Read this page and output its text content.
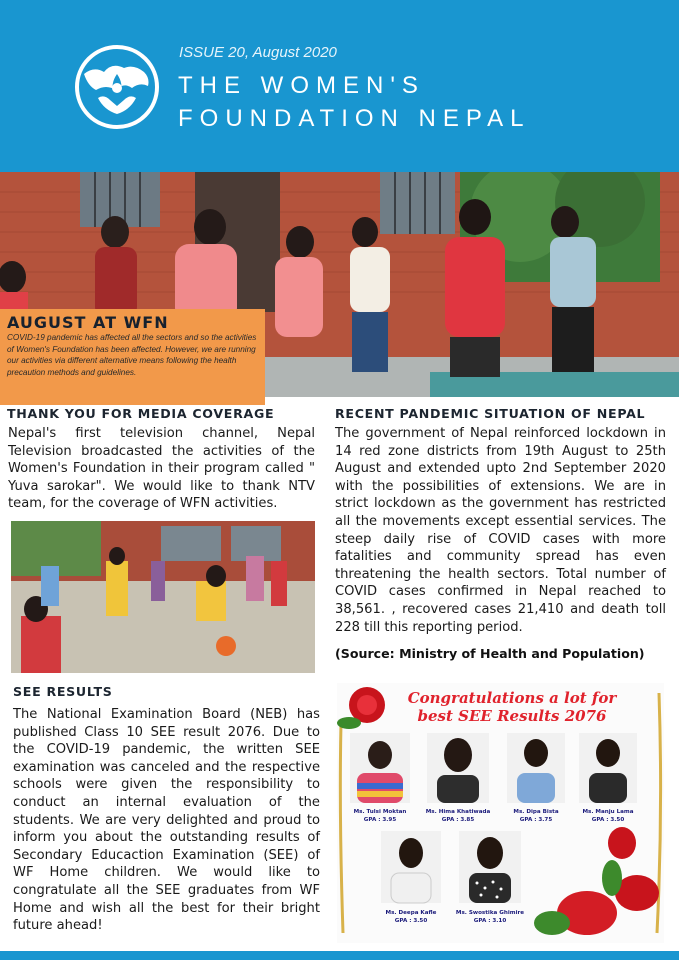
ISSUE 20, August 2020
THE WOMEN'S
FOUNDATION NEPAL
AUGUST AT WFN
COVID-19 pandemic has affected all the sectors and so the activities of Women's Foundation has been affected. However, we are running our activities via different alternative means following the health precaution methods and guidelines.
THANK YOU FOR MEDIA COVERAGE
Nepal's first television channel, Nepal Television broadcasted the activities of the Women's Foundation in their program called " Yuva sarokar". We would like to thank NTV team, for the coverage of WFN activities.
RECENT PANDEMIC SITUATION OF NEPAL
The government of Nepal reinforced lockdown in 14 red zone districts from 19th August to 25th August and extended upto 2nd September 2020 with the possibilities of extensions. We are in strict lockdown as the government has restricted all the movements except essential services. The steep daily rise of COVID cases with more fatalities and community spread has even threatening the health sectors. Total number of COVID cases confirmed in Nepal reached to 38,561. , recovered cases 21,410 and death toll 228 till this reporting period.
(Source: Ministry of Health and Population)
SEE RESULTS
The National Examination Board (NEB) has published Class 10 SEE result 2076. Due to the COVID-19 pandemic, the written SEE examination was canceled and the respective schools were given the responsibility to conduct an internal evaluation of the students. We are very delighted and proud to inform you about the outstanding results of Secondary Educaction Examination (SEE) of WF Home children. We would like to congratulate all the SEE graduates from WF Home and wish all the best for their bright future ahead!
Congratulations a lot for
best SEE Results 2076
Ms. Tulsi Moktan
GPA : 3.95
Ms. Hima Khatiwada
GPA : 3.85
Ms. Dipa Bista
GPA : 3.75
Ms. Manju Lama
GPA : 3.50
Ms. Deepa Kafle
GPA : 3.50
Ms. Swostika Ghimire
GPA : 3.10
